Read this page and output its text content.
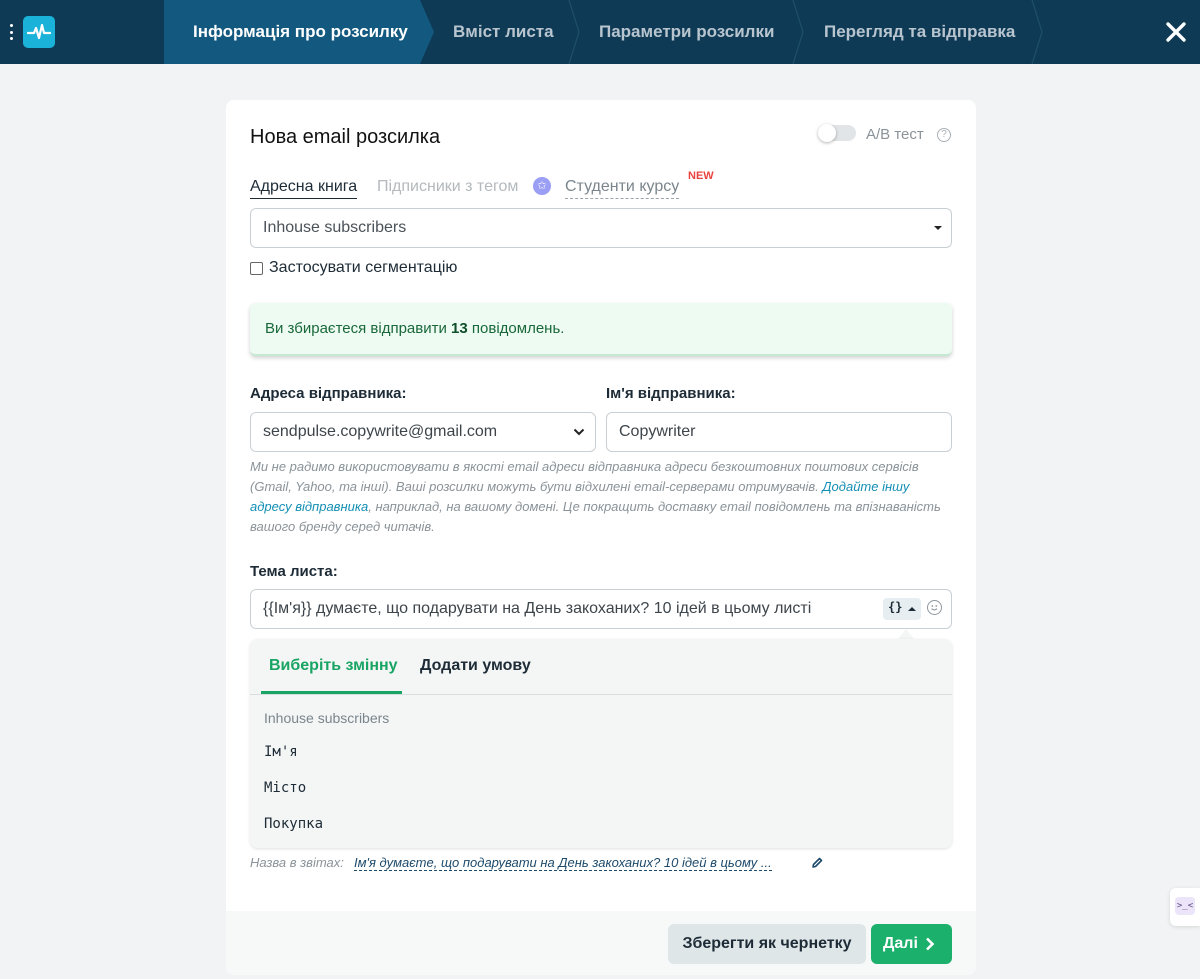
Інформація про розсилку	Вміст листа	Параметри розсилки	Перегляд та відправка
Нова email розсилка	A/B тест	?
Адресна книга Підписники з тегом	✩ Студенти курсу
NEW
Inhouse subscribers
Застосувати сегментацію
Ви збираєтеся відправити 13 повідомлень.
Адреса відправника:	Ім'я відправника:
sendpulse.copywrite@gmail.com	Copywriter

Ми не радимо використовувати в якості email адреси відправника адреси безкоштовних поштових сервісів (Gmail, Yahoo, та інші). Ваші розсилки можуть бути відхилені email-серверами отримувачів. Додайте іншу адресу відправника, наприклад, на вашому домені. Це покращить доставку email повідомлень та впізнаваність вашого бренду серед читачів.

Тема листа:
{{Ім'я}} думаєте, що подарувати на День закоханих? 10 ідей в цьому листі	{}
Виберіть змінну Додати умову
Inhouse subscribers
Ім'я
Місто
Покупка
Назва в звітах: Ім'я думаєте, що подарувати на День закоханих? 10 ідей в цьому ...
Зберегти як чернетку	Далі
>_<
